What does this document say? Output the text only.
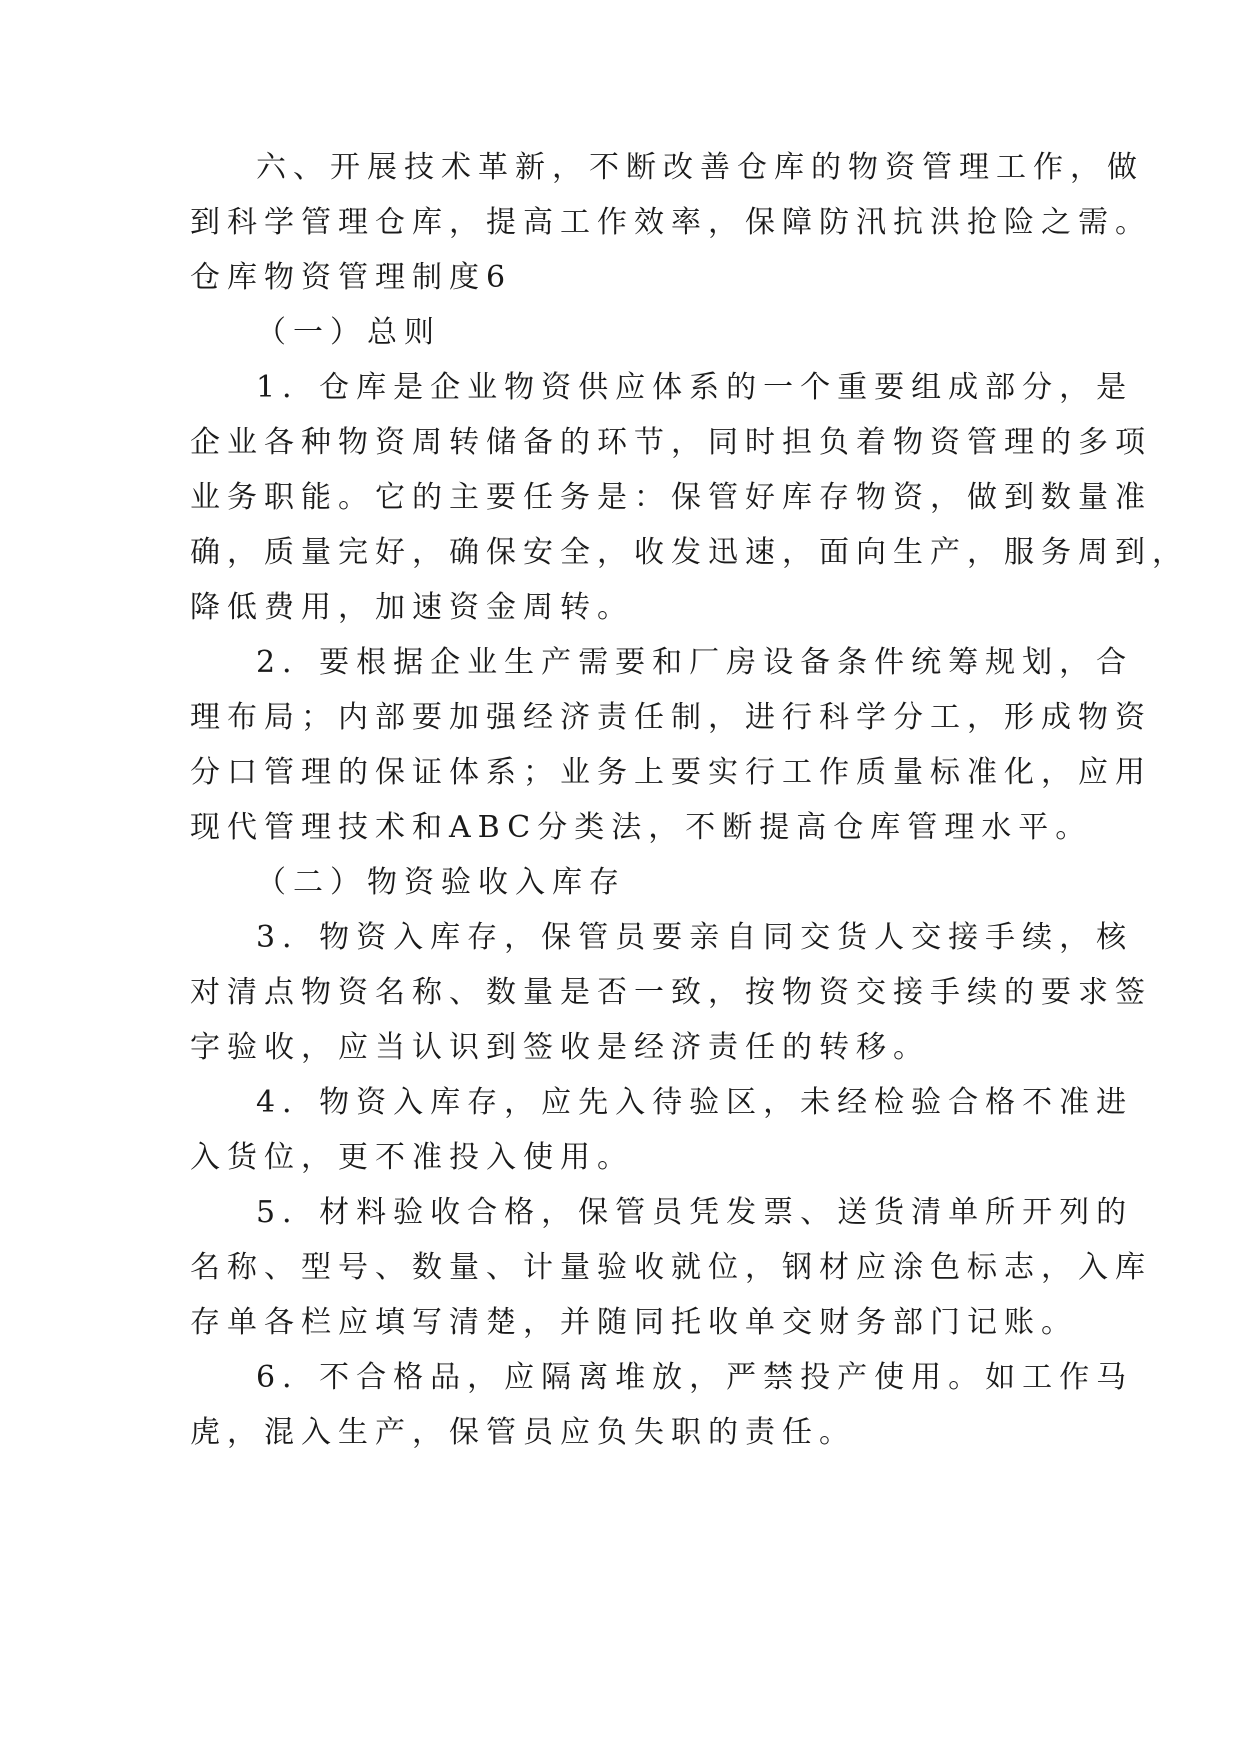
六、开展技术革新，不断改善仓库的物资管理工作，做
到科学管理仓库，提高工作效率，保障防汛抗洪抢险之需。
仓库物资管理制度6
（一）总则
1．仓库是企业物资供应体系的一个重要组成部分，是
企业各种物资周转储备的环节，同时担负着物资管理的多项
业务职能。它的主要任务是：保管好库存物资，做到数量准
确，质量完好，确保安全，收发迅速，面向生产，服务周到，
降低费用，加速资金周转。
2．要根据企业生产需要和厂房设备条件统筹规划，合
理布局；内部要加强经济责任制，进行科学分工，形成物资
分口管理的保证体系；业务上要实行工作质量标准化，应用
现代管理技术和ABC分类法，不断提高仓库管理水平。
（二）物资验收入库存
3．物资入库存，保管员要亲自同交货人交接手续，核
对清点物资名称、数量是否一致，按物资交接手续的要求签
字验收，应当认识到签收是经济责任的转移。
4．物资入库存，应先入待验区，未经检验合格不准进
入货位，更不准投入使用。
5．材料验收合格，保管员凭发票、送货清单所开列的
名称、型号、数量、计量验收就位，钢材应涂色标志，入库
存单各栏应填写清楚，并随同托收单交财务部门记账。
6．不合格品，应隔离堆放，严禁投产使用。如工作马
虎，混入生产，保管员应负失职的责任。
